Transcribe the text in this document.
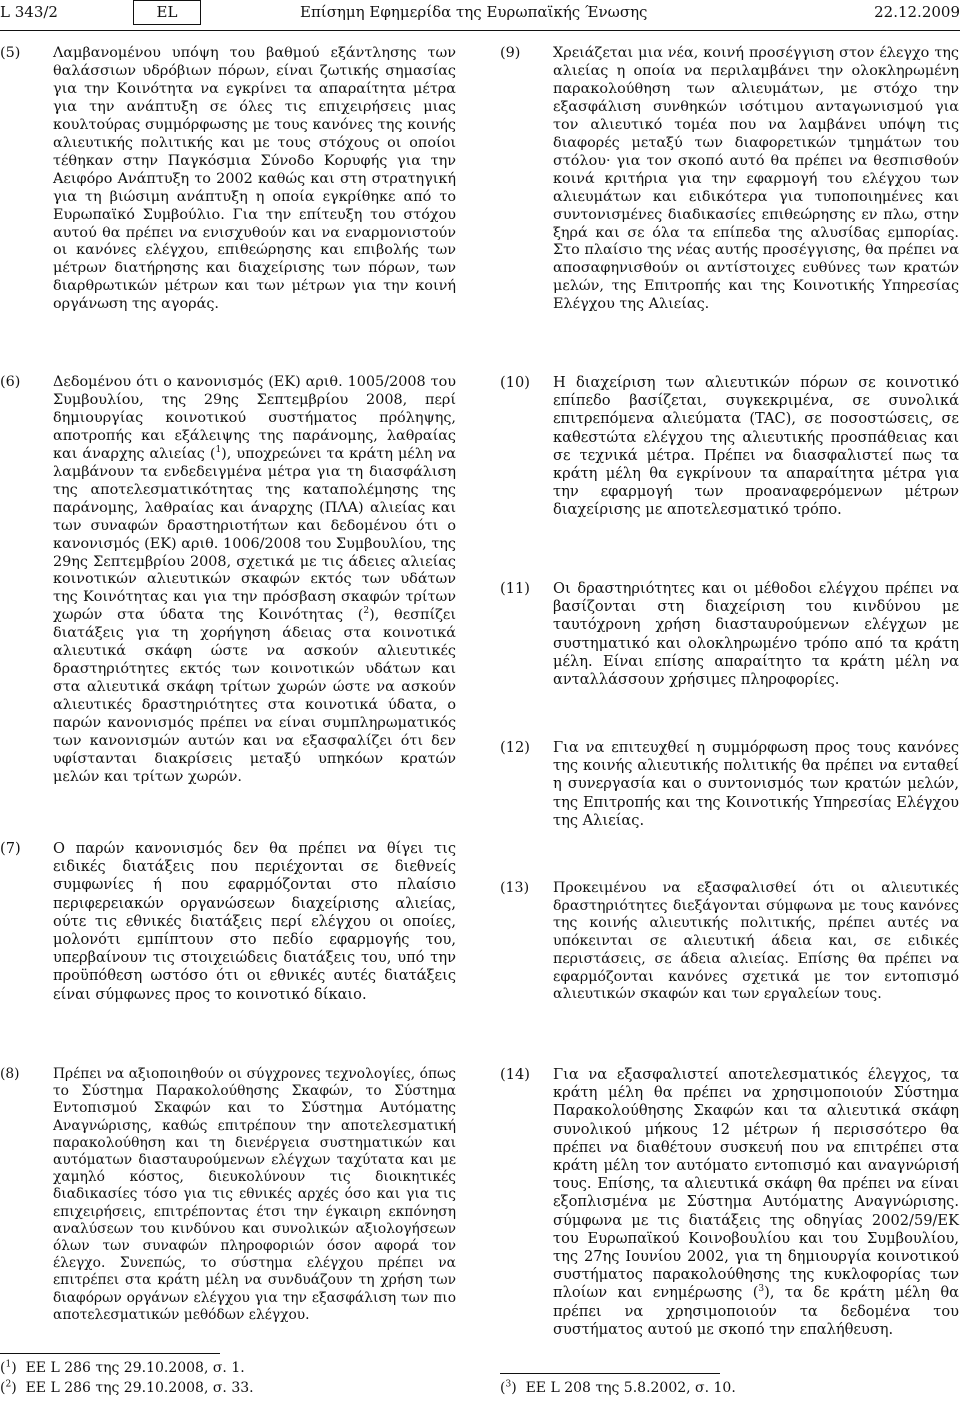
L 343/2	EL	Επίσημη Εφημερίδα της Ευρωπαϊκής Ένωσης	22.12.2009
(5) Λαμβανομένου υπόψη του βαθμού εξάντλησης των θαλάσσιων υδρόβιων πόρων, είναι ζωτικής σημασίας για την Κοινότητα να εγκρίνει τα απαραίτητα μέτρα για την ανάπτυξη σε όλες τις επιχειρήσεις μιας κουλτούρας συμμόρφωσης με τους κανόνες της κοινής αλιευτικής πολιτικής και με τους στόχους οι οποίοι τέθηκαν στην Παγκόσμια Σύνοδο Κορυφής για την Αειφόρο Ανάπτυξη το 2002 καθώς και στη στρατηγική για τη βιώσιμη ανάπτυξη η οποία εγκρίθηκε από το Ευρωπαϊκό Συμβούλιο. Για την επίτευξη του στόχου αυτού θα πρέπει να ενισχυθούν και να εναρμονιστούν οι κανόνες ελέγχου, επιθεώρησης και επιβολής των μέτρων διατήρησης και διαχείρισης των πόρων, των διαρθρωτικών μέτρων και των μέτρων για την κοινή οργάνωση της αγοράς.
(6) Δεδομένου ότι ο κανονισμός (ΕΚ) αριθ. 1005/2008 του Συμβουλίου, της 29ης Σεπτεμβρίου 2008, περί δημιουργίας κοινοτικού συστήματος πρόληψης, αποτροπής και εξάλειψης της παράνομης, λαθραίας και άναρχης αλιείας ($^1$), υποχρεώνει τα κράτη μέλη να λαμβάνουν τα ενδεδειγμένα μέτρα για τη διασφάλιση της αποτελεσματικότητας της καταπολέμησης της παράνομης, λαθραίας και άναρχης (ΠΛΑ) αλιείας και των συναφών δραστηριοτήτων και δεδομένου ότι ο κανονισμός (ΕΚ) αριθ. 1006/2008 του Συμβουλίου, της 29ης Σεπτεμβρίου 2008, σχετικά με τις άδειες αλιείας κοινοτικών αλιευτικών σκαφών εκτός των υδάτων της Κοινότητας και για την πρόσβαση σκαφών τρίτων χωρών στα ύδατα της Κοινότητας ($^2$), θεσπίζει διατάξεις για τη χορήγηση άδειας στα κοινοτικά αλιευτικά σκάφη ώστε να ασκούν αλιευτικές δραστηριότητες εκτός των κοινοτικών υδάτων και στα αλιευτικά σκάφη τρίτων χωρών ώστε να ασκούν αλιευτικές δραστηριότητες στα κοινοτικά ύδατα, ο παρών κανονισμός πρέπει να είναι συμπληρωματικός των κανονισμών αυτών και να εξασφαλίζει ότι δεν υφίστανται διακρίσεις μεταξύ υπηκόων κρατών μελών και τρίτων χωρών.
(7) Ο παρών κανονισμός δεν θα πρέπει να θίγει τις ειδικές διατάξεις που περιέχονται σε διεθνείς συμφωνίες ή που εφαρμόζονται στο πλαίσιο περιφερειακών οργανώσεων διαχείρισης αλιείας, ούτε τις εθνικές διατάξεις περί ελέγχου οι οποίες, μολονότι εμπίπτουν στο πεδίο εφαρμογής του, υπερβαίνουν τις στοιχειώδεις διατάξεις του, υπό την προϋπόθεση ωστόσο ότι οι εθνικές αυτές διατάξεις είναι σύμφωνες προς το κοινοτικό δίκαιο.
(8) Πρέπει να αξιοποιηθούν οι σύγχρονες τεχνολογίες, όπως το Σύστημα Παρακολούθησης Σκαφών, το Σύστημα Εντοπισμού Σκαφών και το Σύστημα Αυτόματης Αναγνώρισης, καθώς επιτρέπουν την αποτελεσματική παρακολούθηση και τη διενέργεια συστηματικών και αυτόματων διασταυρούμενων ελέγχων ταχύτατα και με χαμηλό κόστος, διευκολύνουν τις διοικητικές διαδικασίες τόσο για τις εθνικές αρχές όσο και για τις επιχειρήσεις, επιτρέποντας έτσι την έγκαιρη εκπόνηση αναλύσεων του κινδύνου και συνολικών αξιολογήσεων όλων των συναφών πληροφοριών όσον αφορά τον έλεγχο. Συνεπώς, το σύστημα ελέγχου πρέπει να επιτρέπει στα κράτη μέλη να συνδυάζουν τη χρήση των διαφόρων οργάνων ελέγχου για την εξασφάλιση των πιο αποτελεσματικών μεθόδων ελέγχου.
(9) Χρειάζεται μια νέα, κοινή προσέγγιση στον έλεγχο της αλιείας η οποία να περιλαμβάνει την ολοκληρωμένη παρακολούθηση των αλιευμάτων, με στόχο την εξασφάλιση συνθηκών ισότιμου ανταγωνισμού για τον αλιευτικό τομέα που να λαμβάνει υπόψη τις διαφορές μεταξύ των διαφορετικών τμημάτων του στόλου· για τον σκοπό αυτό θα πρέπει να θεσπισθούν κοινά κριτήρια για την εφαρμογή του ελέγχου των αλιευμάτων και ειδικότερα για τυποποιημένες και συντονισμένες διαδικασίες επιθεώρησης εν πλω, στην ξηρά και σε όλα τα επίπεδα της αλυσίδας εμπορίας. Στο πλαίσιο της νέας αυτής προσέγγισης, θα πρέπει να αποσαφηνισθούν οι αντίστοιχες ευθύνες των κρατών μελών, της Επιτροπής και της Κοινοτικής Υπηρεσίας Ελέγχου της Αλιείας.
(10) Η διαχείριση των αλιευτικών πόρων σε κοινοτικό επίπεδο βασίζεται, συγκεκριμένα, σε συνολικά επιτρεπόμενα αλιεύματα (TAC), σε ποσοστώσεις, σε καθεστώτα ελέγχου της αλιευτικής προσπάθειας και σε τεχνικά μέτρα. Πρέπει να διασφαλιστεί πως τα κράτη μέλη θα εγκρίνουν τα απαραίτητα μέτρα για την εφαρμογή των προαναφερόμενων μέτρων διαχείρισης με αποτελεσματικό τρόπο.
(11) Οι δραστηριότητες και οι μέθοδοι ελέγχου πρέπει να βασίζονται στη διαχείριση του κινδύνου με ταυτόχρονη χρήση διασταυρούμενων ελέγχων με συστηματικό και ολοκληρωμένο τρόπο από τα κράτη μέλη. Είναι επίσης απαραίτητο τα κράτη μέλη να ανταλλάσσουν χρήσιμες πληροφορίες.
(12) Για να επιτευχθεί η συμμόρφωση προς τους κανόνες της κοινής αλιευτικής πολιτικής θα πρέπει να ενταθεί η συνεργασία και ο συντονισμός των κρατών μελών, της Επιτροπής και της Κοινοτικής Υπηρεσίας Ελέγχου της Αλιείας.
(13) Προκειμένου να εξασφαλισθεί ότι οι αλιευτικές δραστηριότητες διεξάγονται σύμφωνα με τους κανόνες της κοινής αλιευτικής πολιτικής, πρέπει αυτές να υπόκεινται σε αλιευτική άδεια και, σε ειδικές περιστάσεις, σε άδεια αλιείας. Επίσης θα πρέπει να εφαρμόζονται κανόνες σχετικά με τον εντοπισμό αλιευτικών σκαφών και των εργαλείων τους.
(14) Για να εξασφαλιστεί αποτελεσματικός έλεγχος, τα κράτη μέλη θα πρέπει να χρησιμοποιούν Σύστημα Παρακολούθησης Σκαφών και τα αλιευτικά σκάφη συνολικού μήκους 12 μέτρων ή περισσότερο θα πρέπει να διαθέτουν συσκευή που να επιτρέπει στα κράτη μέλη τον αυτόματο εντοπισμό και αναγνώρισή τους. Επίσης, τα αλιευτικά σκάφη θα πρέπει να είναι εξοπλισμένα με Σύστημα Αυτόματης Αναγνώρισης. σύμφωνα με τις διατάξεις της οδηγίας 2002/59/ΕΚ του Ευρωπαϊκού Κοινοβουλίου και του Συμβουλίου, της 27ης Ιουνίου 2002, για τη δημιουργία κοινοτικού συστήματος παρακολούθησης της κυκλοφορίας των πλοίων και ενημέρωσης ($^3$), τα δε κράτη μέλη θα πρέπει να χρησιμοποιούν τα δεδομένα του συστήματος αυτού με σκοπό την επαλήθευση.
($^1$)  ΕΕ L 286 της 29.10.2008, σ. 1.
($^2$)  ΕΕ L 286 της 29.10.2008, σ. 33.	($^3$)  ΕΕ L 208 της 5.8.2002, σ. 10.
